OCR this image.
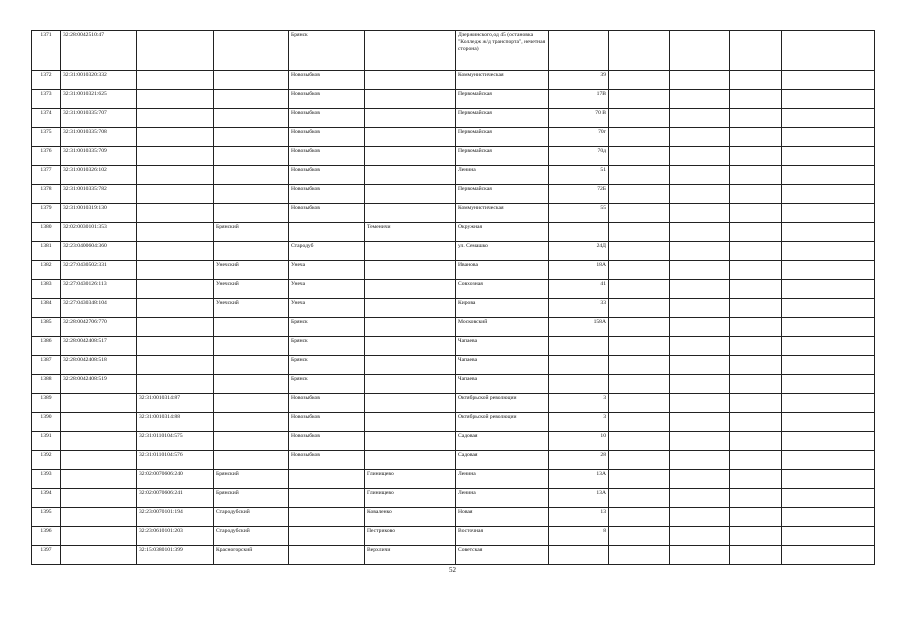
1371	32:28:0042510:47			Брянск		Дзержинского,од 45 (остановка "Колледж ж/д транспорта", нечетная сторона)					
1372	32:31:0010320:332			Новозыбков		Коммунистическая	39				
1373	32:31:0010321:625			Новозыбков		Первомайская	17В				
1374	32:31:0010335:707			Новозыбков		Первомайская	70 В				
1375	32:31:0010335:708			Новозыбков		Первомайская	70г				
1376	32:31:0010335:709			Новозыбков		Первомайская	70д				
1377	32:31:0010326:102			Новозыбков		Ленина	51				
1378	32:31:0010335:782			Новозыбков		Первомайская	72Б				
1379	32:31:0010319:130			Новозыбков		Коммунистическая	55				
1380	32:02:0030101:353		Брянский		Теменичи	Окружная					
1381	32:23:0400604:360			Стародуб		ул. Семашко	24Д				
1382	32:27:0430502:331		Унечский	Унеча		Иванова	18А				
1383	32:27:0430126:113		Унечский	Унеча		Совхозная	41				
1384	32:27:0430348:104		Унечский	Унеча		Кирова	33				
1385	32:28:0042706:770			Брянск		Московский	158А				
1386	32:28:0042408:517			Брянск		Чапаева					
1387	32:28:0042408:518			Брянск		Чапаева					
1388	32:28:0042408:519			Брянск		Чапаева					
1389		32:31:0010314:87		Новозыбков		Октябрьской революции	3				
1390		32:31:0010314:88		Новозыбков		Октябрьской революции	3				
1391		32:31:0110104:575		Новозыбков		Садовая	10				
1392		32:31:0110104:576		Новозыбков		Садовая	28				
1393		32:02:0070606:240	Брянский		Глинищево	Ленина	13А				
1394		32:02:0070606:241	Брянский		Глинищево	Ленина	13А				
1395		32:23:0070101:194	Стародубский		Коваленко	Новая	13				
1396		32:23:0610101:203	Стародубский		Пестриково	Восточная	8				
1397		32:15:0380101:399	Красногорский		Верхличи	Советская					
52
